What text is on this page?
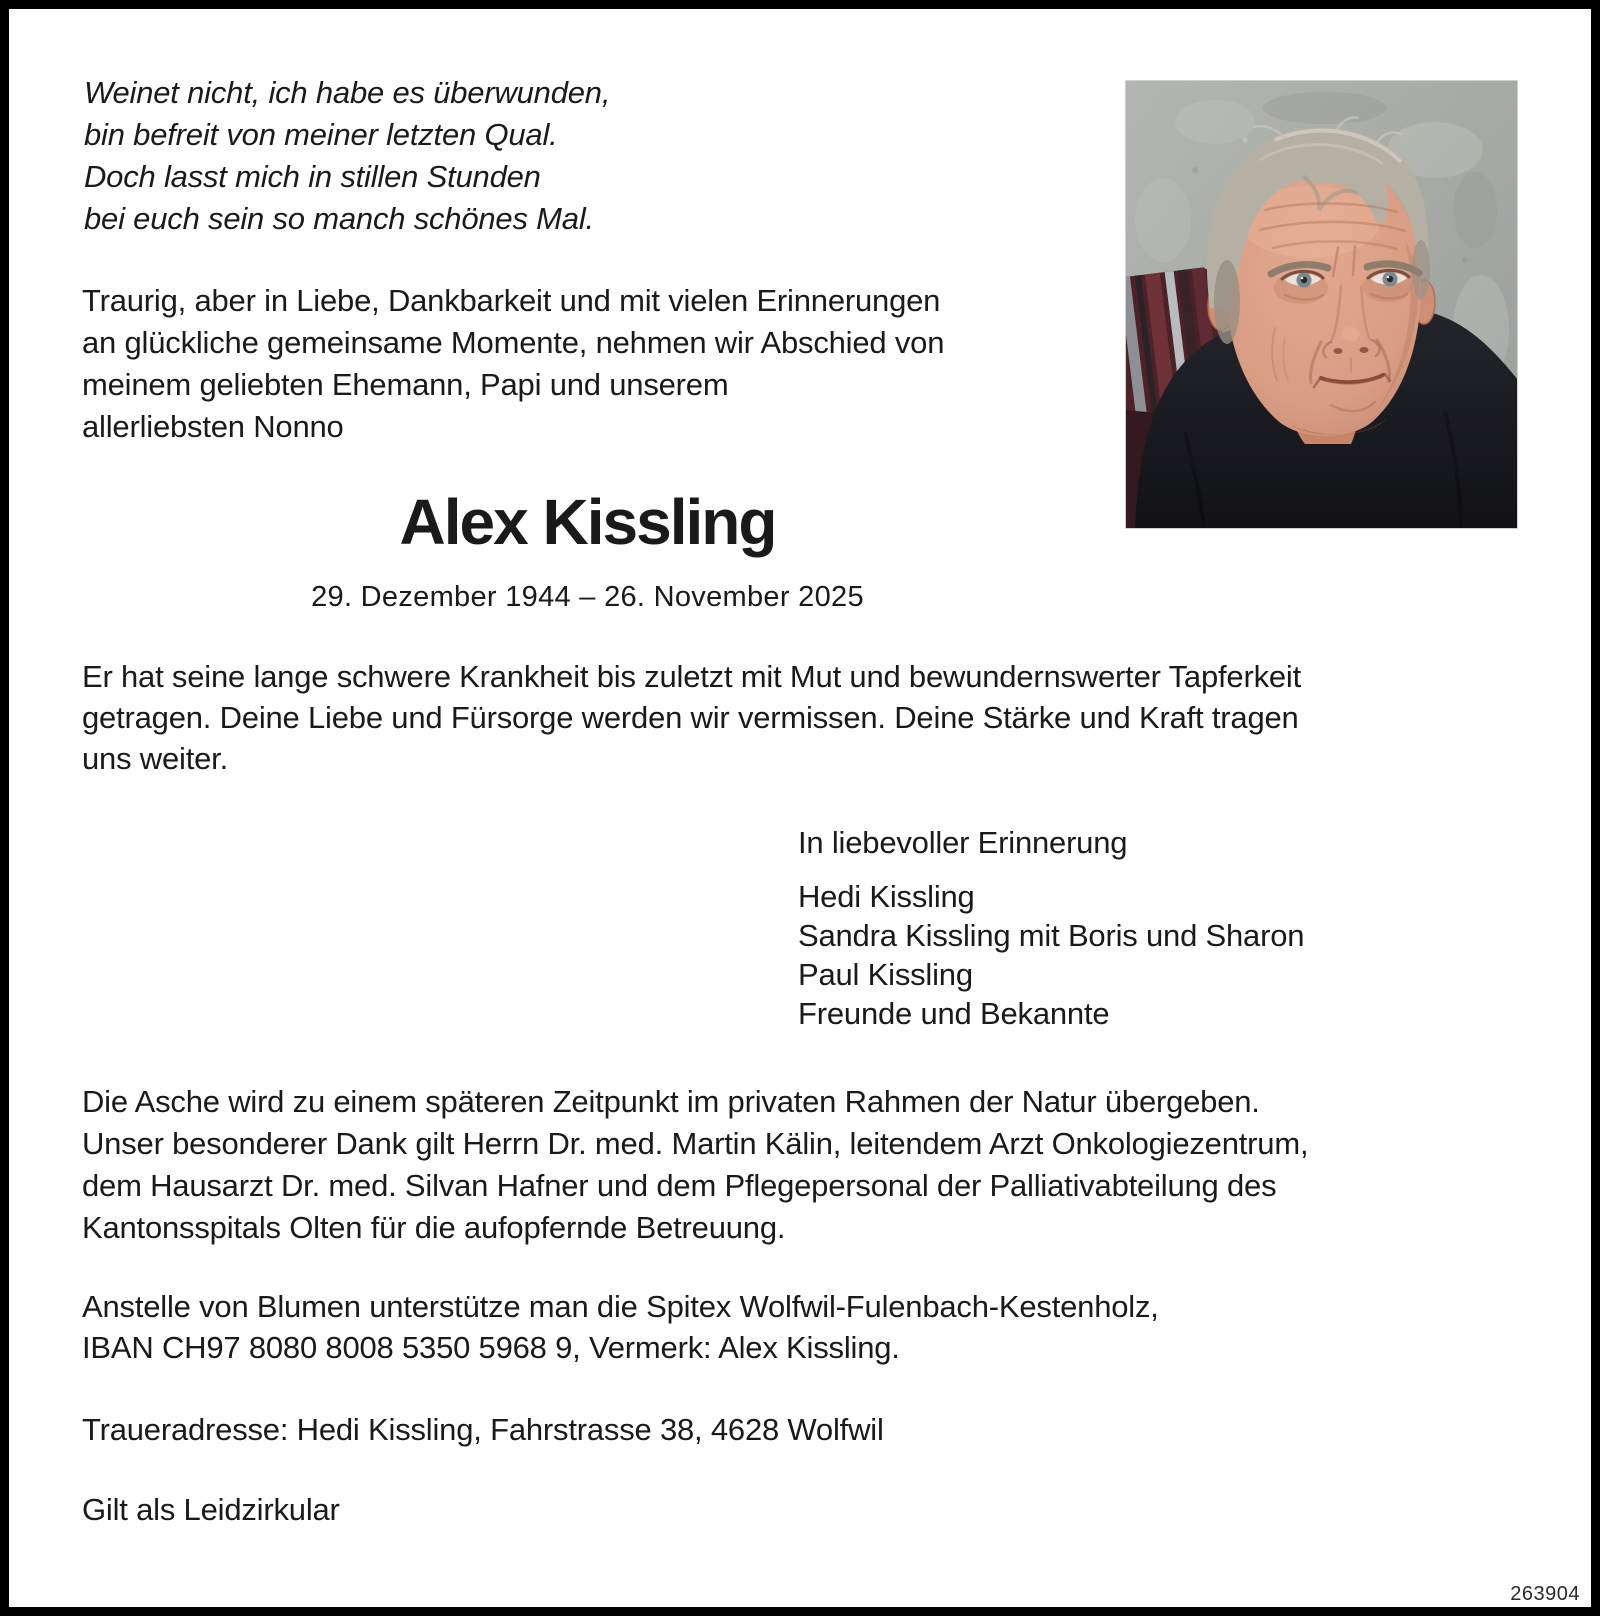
Weinet nicht, ich habe es überwunden,
bin befreit von meiner letzten Qual.
Doch lasst mich in stillen Stunden
bei euch sein so manch schönes Mal.
Traurig, aber in Liebe, Dankbarkeit und mit vielen Erinnerungen
an glückliche gemeinsame Momente, nehmen wir Abschied von
meinem geliebten Ehemann, Papi und unserem
allerliebsten Nonno
Alex Kissling
29. Dezember 1944 – 26. November 2025
Er hat seine lange schwere Krankheit bis zuletzt mit Mut und bewundernswerter Tapferkeit
getragen. Deine Liebe und Fürsorge werden wir vermissen. Deine Stärke und Kraft tragen
uns weiter.
In liebevoller Erinnerung
Hedi Kissling
Sandra Kissling mit Boris und Sharon
Paul Kissling
Freunde und Bekannte
Die Asche wird zu einem späteren Zeitpunkt im privaten Rahmen der Natur übergeben.
Unser besonderer Dank gilt Herrn Dr. med. Martin Kälin, leitendem Arzt Onkologiezentrum,
dem Hausarzt Dr. med. Silvan Hafner und dem Pflegepersonal der Palliativabteilung des
Kantonsspitals Olten für die aufopfernde Betreuung.
Anstelle von Blumen unterstütze man die Spitex Wolfwil-Fulenbach-Kestenholz,
IBAN CH97 8080 8008 5350 5968 9, Vermerk: Alex Kissling.
Traueradresse: Hedi Kissling, Fahrstrasse 38, 4628 Wolfwil
Gilt als Leidzirkular
263904
